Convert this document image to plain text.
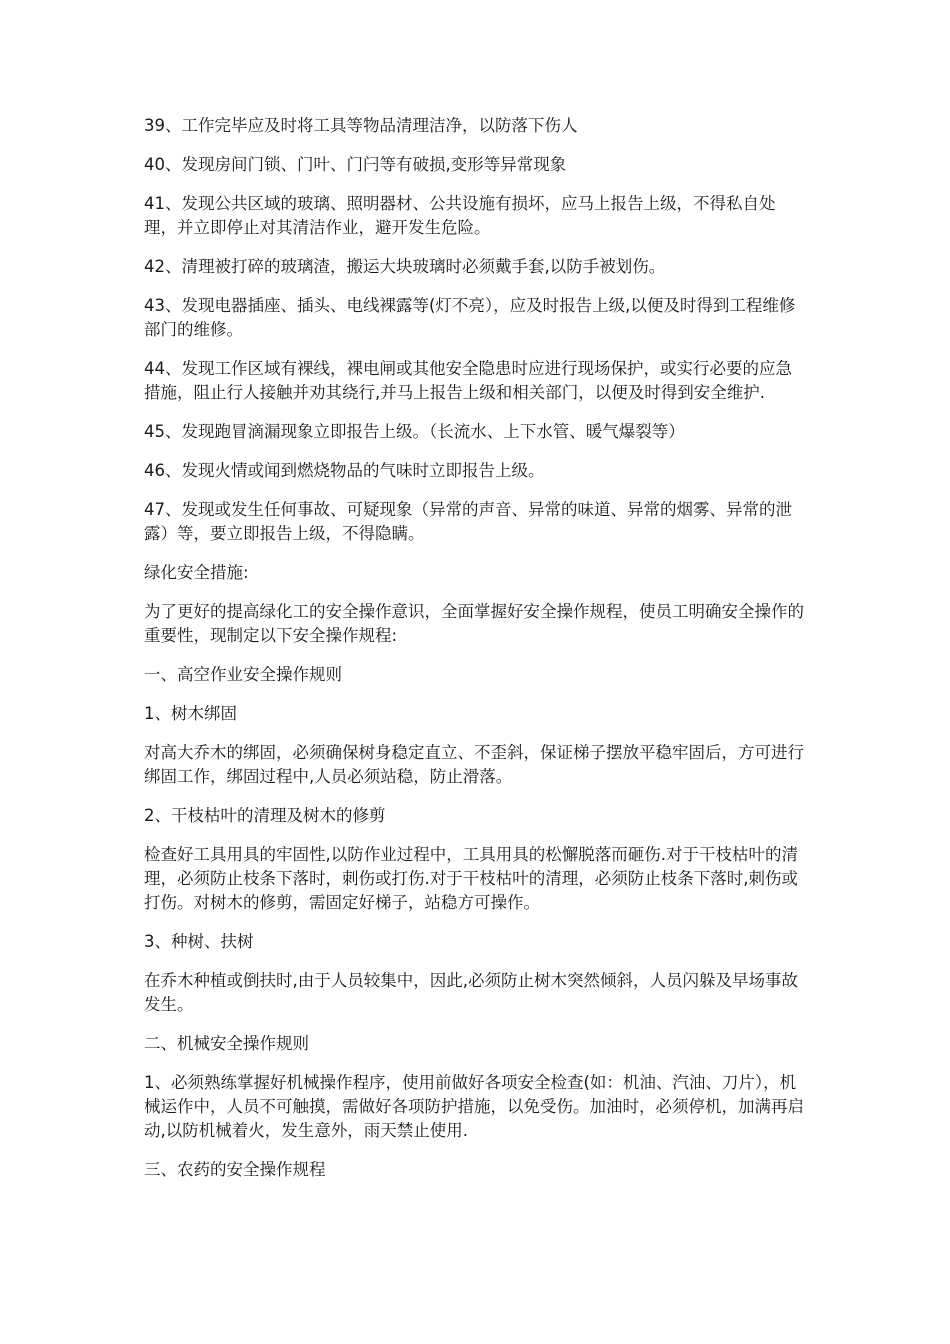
39、工作完毕应及时将工具等物品清理洁净，以防落下伤人

40、发现房间门锁、门叶、门闩等有破损,变形等异常现象

41、发现公共区域的玻璃、照明器材、公共设施有损坏，应马上报告上级，不得私自处理，并立即停止对其清洁作业，避开发生危险。

42、清理被打碎的玻璃渣，搬运大块玻璃时必须戴手套,以防手被划伤。

43、发现电器插座、插头、电线裸露等(灯不亮），应及时报告上级,以便及时得到工程维修部门的维修。

44、发现工作区域有裸线，裸电闸或其他安全隐患时应进行现场保护，或实行必要的应急措施，阻止行人接触并劝其绕行,并马上报告上级和相关部门，以便及时得到安全维护.

45、发现跑冒滴漏现象立即报告上级。（长流水、上下水管、暖气爆裂等）

46、发现火情或闻到燃烧物品的气味时立即报告上级。

47、发现或发生任何事故、可疑现象（异常的声音、异常的味道、异常的烟雾、异常的泄露）等，要立即报告上级，不得隐瞒。

绿化安全措施:

为了更好的提高绿化工的安全操作意识，全面掌握好安全操作规程，使员工明确安全操作的重要性，现制定以下安全操作规程:

一、高空作业安全操作规则

1、树木绑固

对高大乔木的绑固，必须确保树身稳定直立、不歪斜，保证梯子摆放平稳牢固后，方可进行绑固工作，绑固过程中,人员必须站稳，防止滑落。

2、干枝枯叶的清理及树木的修剪

检查好工具用具的牢固性,以防作业过程中，工具用具的松懈脱落而砸伤.对于干枝枯叶的清理，必须防止枝条下落时，刺伤或打伤.对于干枝枯叶的清理，必须防止枝条下落时,刺伤或打伤。对树木的修剪，需固定好梯子，站稳方可操作。

3、种树、扶树

在乔木种植或倒扶时,由于人员较集中，因此,必须防止树木突然倾斜，人员闪躲及早场事故发生。

二、机械安全操作规则

1、必须熟练掌握好机械操作程序，使用前做好各项安全检查(如：机油、汽油、刀片），机械运作中，人员不可触摸，需做好各项防护措施，以免受伤。加油时，必须停机，加满再启动,以防机械着火，发生意外，雨天禁止使用.

三、农药的安全操作规程
